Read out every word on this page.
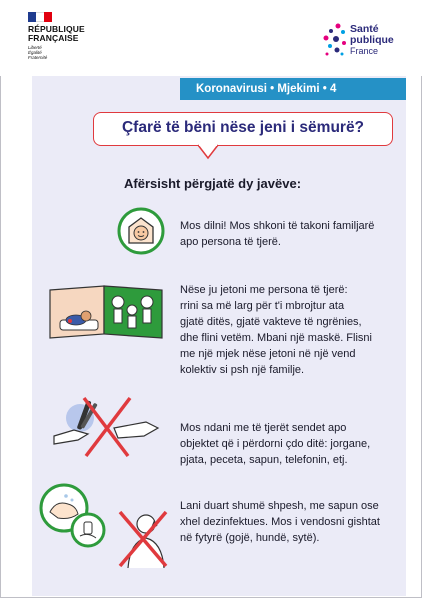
RÉPUBLIQUE
FRANÇAISE
Liberté
Égalité
Fraternité
Santé
publique
France
Koronavirusi • Mjekimi • 4
Çfarë të bëni nëse jeni i sëmurë?
Afërsisht përgjatë dy javëve:
Mos dilni! Mos shkoni të takoni familjarë
apo persona të tjerë.
Nëse ju jetoni me persona të tjerë:
rrini sa më larg për t'i mbrojtur ata
gjatë ditës, gjatë vakteve të ngrënies,
dhe flini vetëm. Mbani një maskë. Flisni
me një mjek nëse jetoni në një vend
kolektiv si psh një familje.
Mos ndani me të tjerët sendet apo
objektet që i përdorni çdo ditë: jorgane,
pjata, peceta, sapun, telefonin, etj.
Lani duart shumë shpesh, me sapun ose
xhel dezinfektues. Mos i vendosni gishtat
në fytyrë (gojë, hundë, sytë).
